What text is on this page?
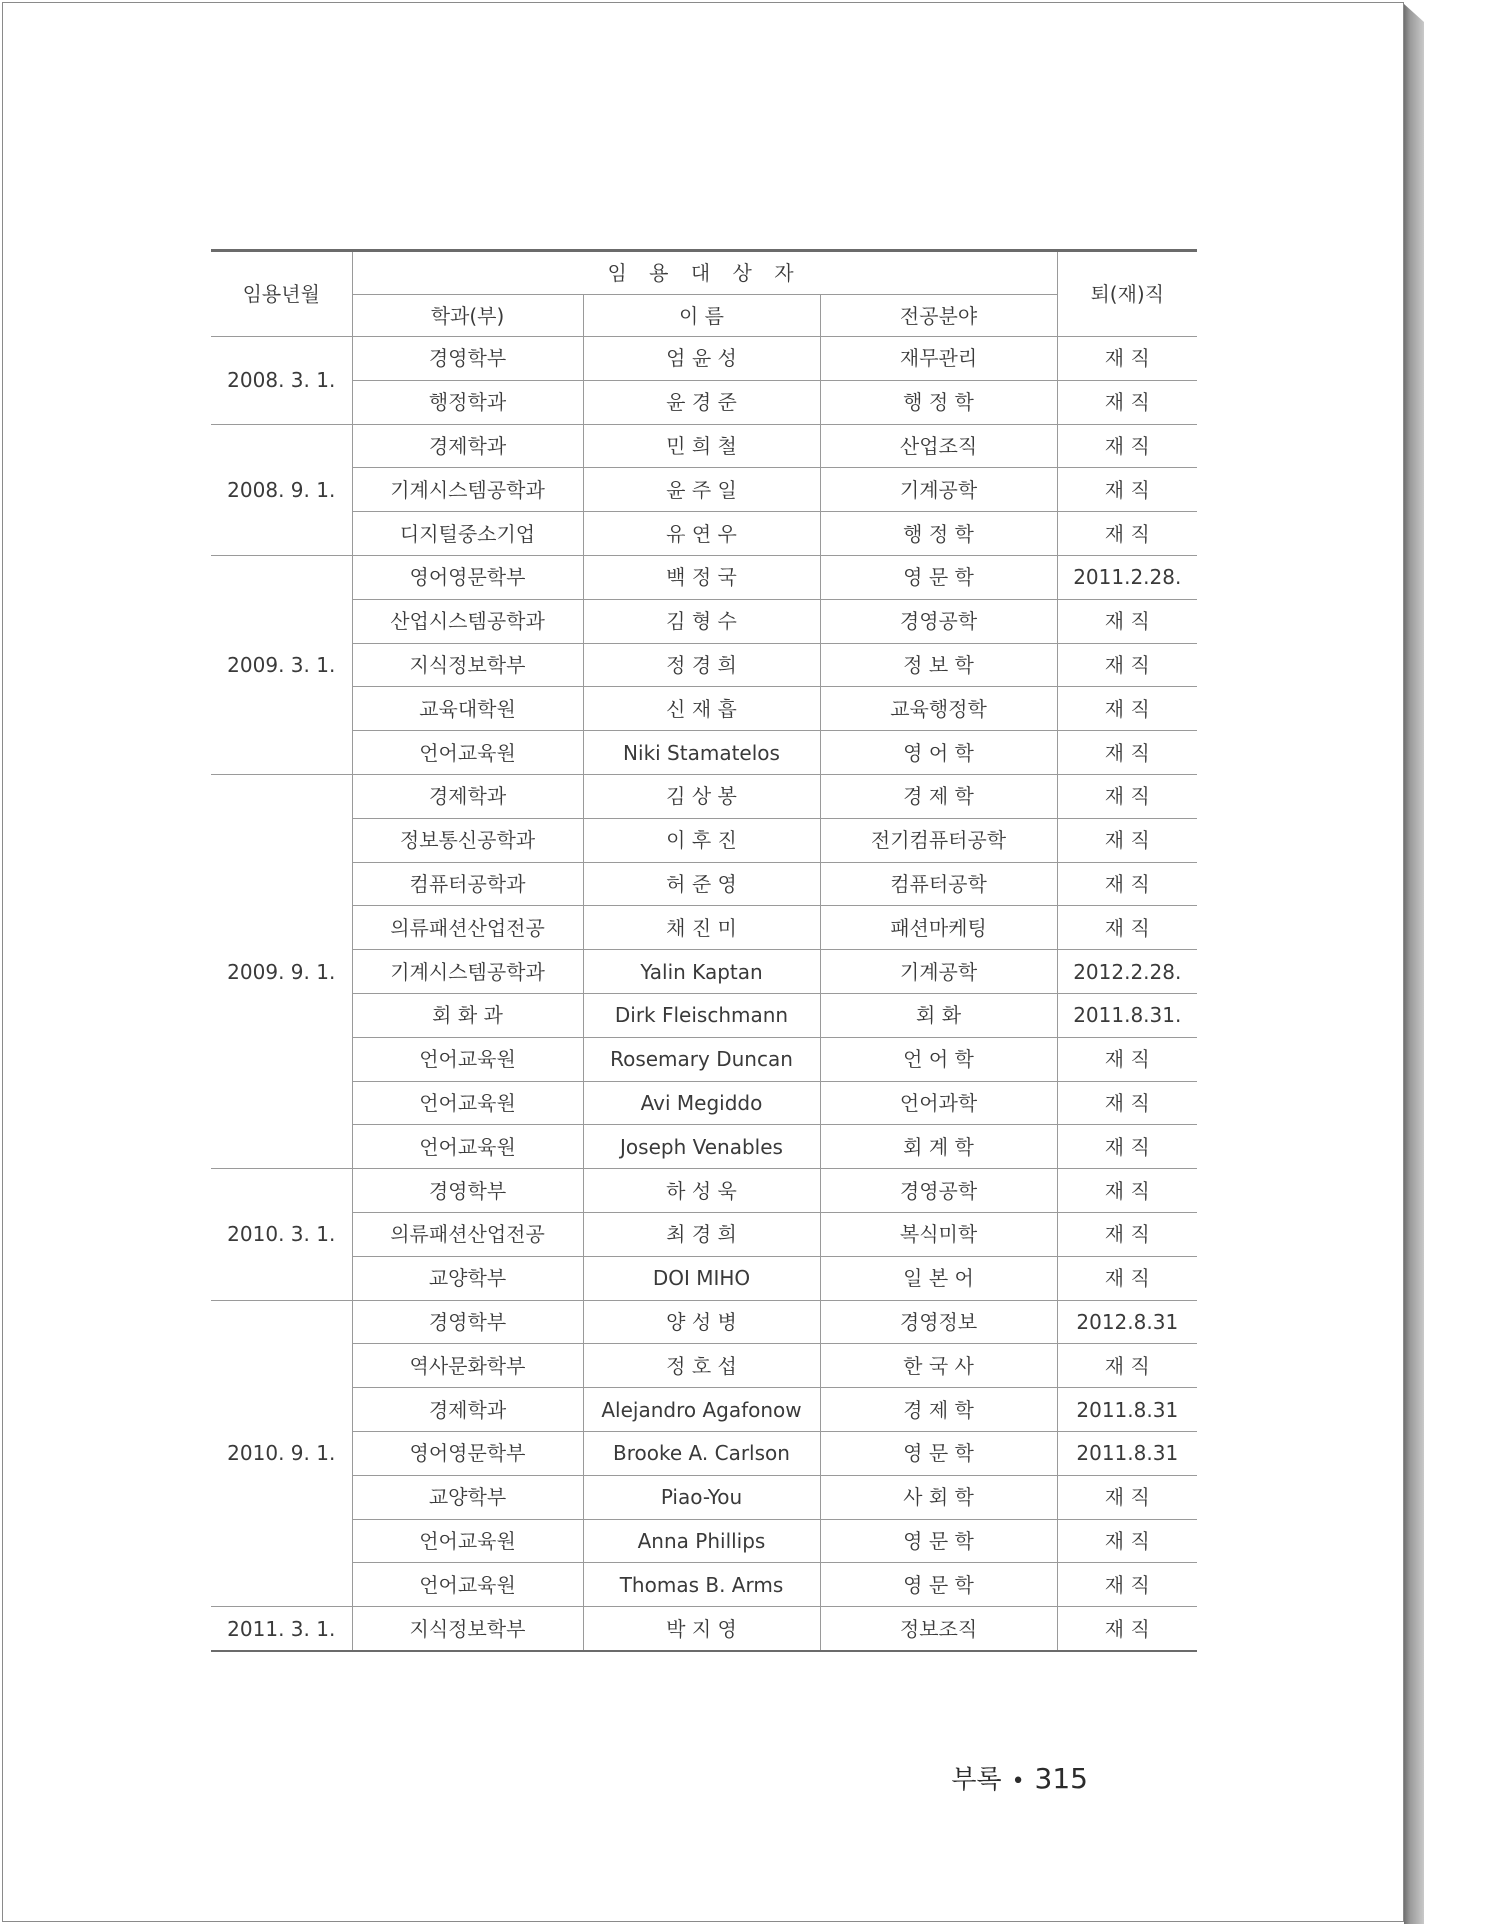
임용년월	임 용 대 상 자			퇴(재)직
	학과(부)	이 름	전공분야	
2008. 3. 1.	경영학부	엄 윤 성	재무관리	재 직
	행정학과	윤 경 준	행 정 학	재 직
2008. 9. 1.	경제학과	민 희 철	산업조직	재 직
	기계시스템공학과	윤 주 일	기계공학	재 직
	디지털중소기업	유 연 우	행 정 학	재 직
2009. 3. 1.	영어영문학부	백 정 국	영 문 학	2011.2.28.
	산업시스템공학과	김 형 수	경영공학	재 직
	지식정보학부	정 경 희	정 보 학	재 직
	교육대학원	신 재 흡	교육행정학	재 직
	언어교육원	Niki Stamatelos	영 어 학	재 직
2009. 9. 1.	경제학과	김 상 봉	경 제 학	재 직
	정보통신공학과	이 후 진	전기컴퓨터공학	재 직
	컴퓨터공학과	허 준 영	컴퓨터공학	재 직
	의류패션산업전공	채 진 미	패션마케팅	재 직
	기계시스템공학과	Yalin Kaptan	기계공학	2012.2.28.
	회 화 과	Dirk Fleischmann	회 화	2011.8.31.
	언어교육원	Rosemary Duncan	언 어 학	재 직
	언어교육원	Avi Megiddo	언어과학	재 직
	언어교육원	Joseph Venables	회 계 학	재 직
2010. 3. 1.	경영학부	하 성 욱	경영공학	재 직
	의류패션산업전공	최 경 희	복식미학	재 직
	교양학부	DOI MIHO	일 본 어	재 직
2010. 9. 1.	경영학부	양 성 병	경영정보	2012.8.31
	역사문화학부	정 호 섭	한 국 사	재 직
	경제학과	Alejandro Agafonow	경 제 학	2011.8.31
	영어영문학부	Brooke A. Carlson	영 문 학	2011.8.31
	교양학부	Piao-You	사 회 학	재 직
	언어교육원	Anna Phillips	영 문 학	재 직
	언어교육원	Thomas B. Arms	영 문 학	재 직
2011. 3. 1.	지식정보학부	박 지 영	정보조직	재 직
부록 • 315
